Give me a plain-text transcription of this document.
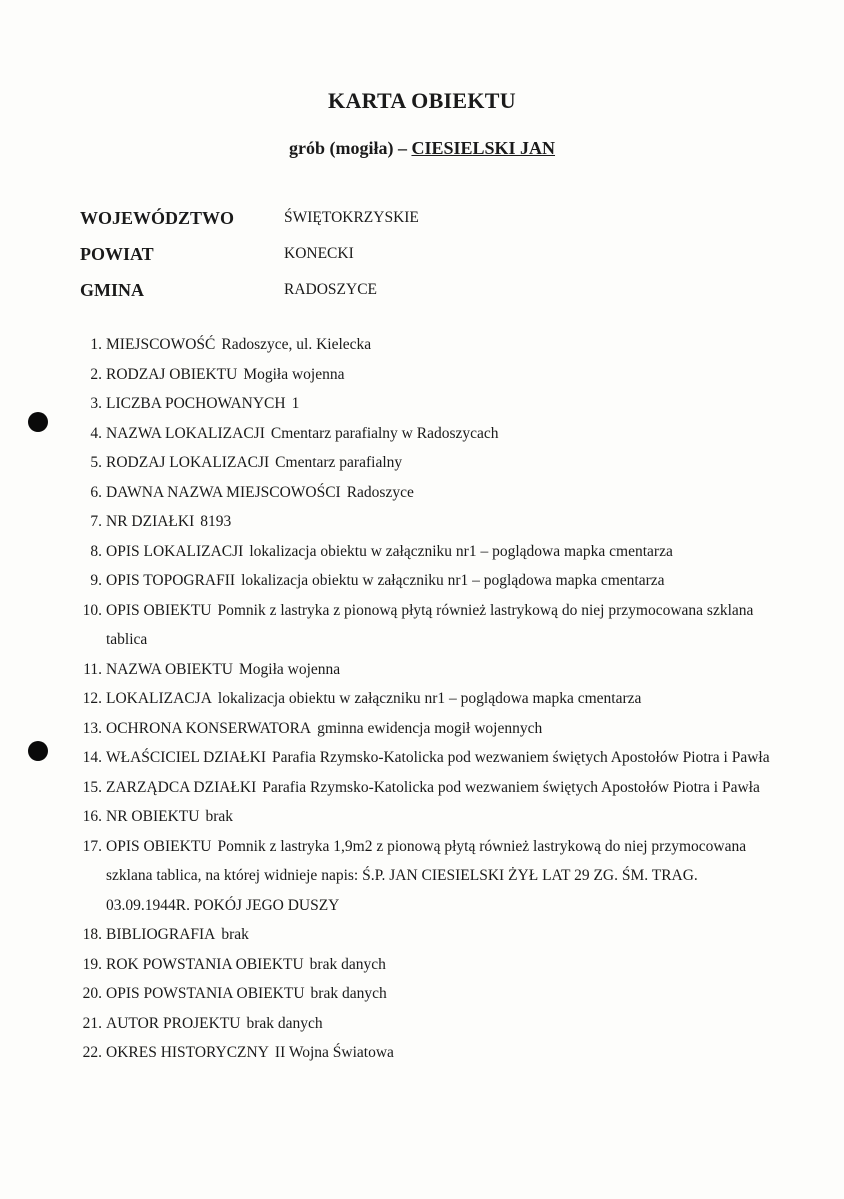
KARTA OBIEKTU
grób (mogiła) – CIESIELSKI JAN
WOJEWÓDZTWO	ŚWIĘTOKRZYSKIE
POWIAT	KONECKI
GMINA	RADOSZYCE
1. MIEJSCOWOŚĆ Radoszyce, ul. Kielecka
2. RODZAJ OBIEKTU Mogiła wojenna
3. LICZBA POCHOWANYCH 1
4. NAZWA LOKALIZACJI Cmentarz parafialny w Radoszycach
5. RODZAJ LOKALIZACJI Cmentarz parafialny
6. DAWNA NAZWA MIEJSCOWOŚCI Radoszyce
7. NR DZIAŁKI 8193
8. OPIS LOKALIZACJI lokalizacja obiektu w załączniku nr1 – poglądowa mapka cmentarza
9. OPIS TOPOGRAFII lokalizacja obiektu w załączniku nr1 – poglądowa mapka cmentarza
10. OPIS OBIEKTU Pomnik z lastryka z pionową płytą również lastrykową do niej przymocowana szklana tablica
11. NAZWA OBIEKTU Mogiła wojenna
12. LOKALIZACJA lokalizacja obiektu w załączniku nr1 – poglądowa mapka cmentarza
13. OCHRONA KONSERWATORA gminna ewidencja mogił wojennych
14. WŁAŚCICIEL DZIAŁKI Parafia Rzymsko-Katolicka pod wezwaniem świętych Apostołów Piotra i Pawła
15. ZARZĄDCA DZIAŁKI Parafia Rzymsko-Katolicka pod wezwaniem świętych Apostołów Piotra i Pawła
16. NR OBIEKTU brak
17. OPIS OBIEKTU Pomnik z lastryka 1,9m2 z pionową płytą również lastrykową do niej przymocowana szklana tablica, na której widnieje napis: Ś.P. JAN CIESIELSKI ŻYŁ LAT 29 ZG. ŚM. TRAG. 03.09.1944R. POKÓJ JEGO DUSZY
18. BIBLIOGRAFIA brak
19. ROK POWSTANIA OBIEKTU brak danych
20. OPIS POWSTANIA OBIEKTU brak danych
21. AUTOR PROJEKTU brak danych
22. OKRES HISTORYCZNY II Wojna Światowa
